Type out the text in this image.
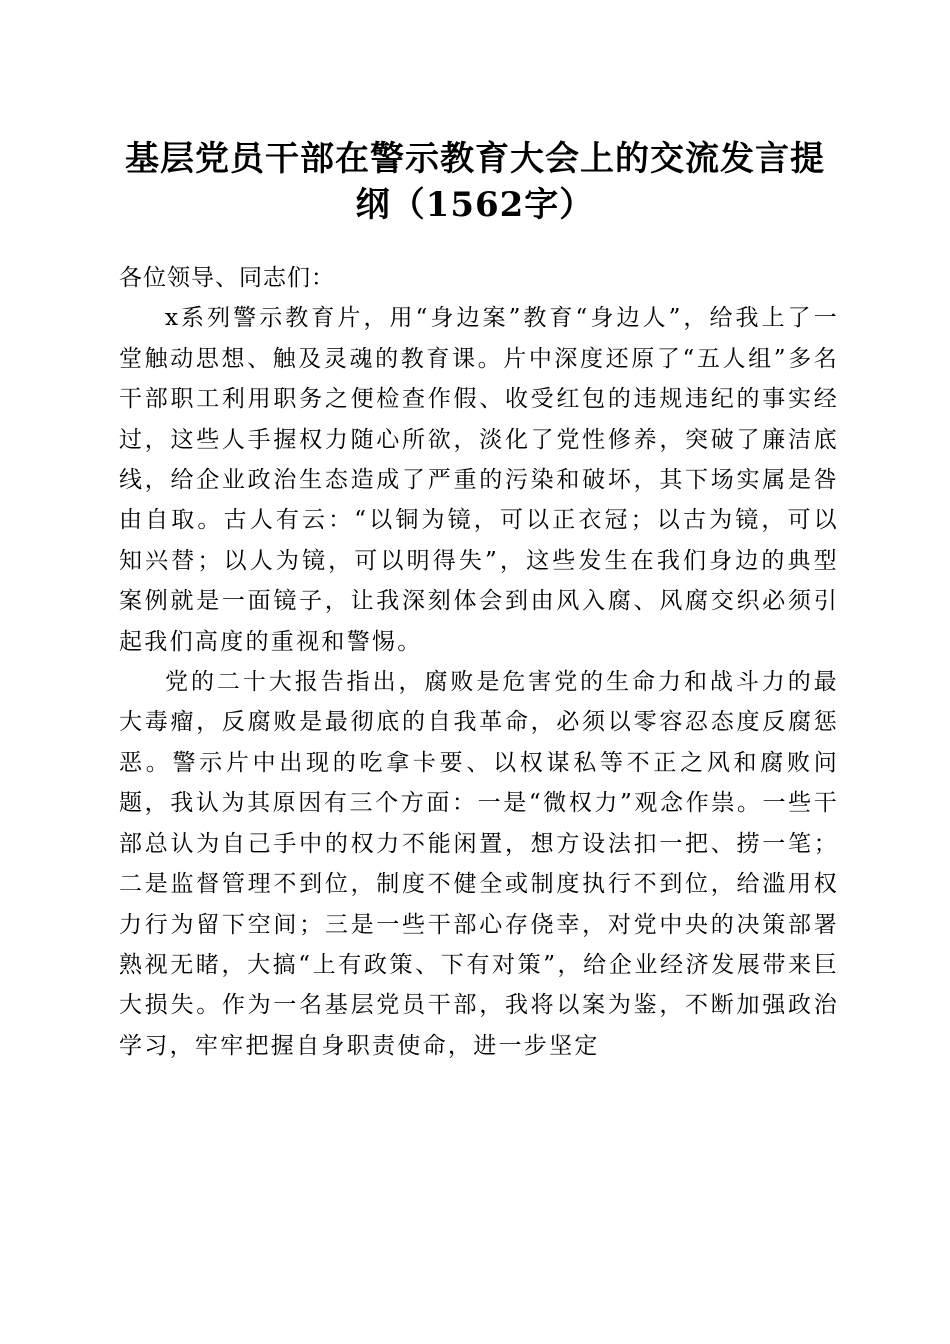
基层党员干部在警示教育大会上的交流发言提纲（1562字）

各位领导、同志们：

x系列警示教育片，用“身边案”教育“身边人”，给我上了一堂触动思想、触及灵魂的教育课。片中深度还原了“五人组”多名干部职工利用职务之便检查作假、收受红包的违规违纪的事实经过，这些人手握权力随心所欲，淡化了党性修养，突破了廉洁底线，给企业政治生态造成了严重的污染和破坏，其下场实属是咎由自取。古人有云：“以铜为镜，可以正衣冠；以古为镜，可以知兴替；以人为镜，可以明得失”，这些发生在我们身边的典型案例就是一面镜子，让我深刻体会到由风入腐、风腐交织必须引起我们高度的重视和警惕。

党的二十大报告指出，腐败是危害党的生命力和战斗力的最大毒瘤，反腐败是最彻底的自我革命，必须以零容忍态度反腐惩恶。警示片中出现的吃拿卡要、以权谋私等不正之风和腐败问题，我认为其原因有三个方面：一是“微权力”观念作祟。一些干部总认为自己手中的权力不能闲置，想方设法扣一把、捞一笔；二是监督管理不到位，制度不健全或制度执行不到位，给滥用权力行为留下空间；三是一些干部心存侥幸，对党中央的决策部署熟视无睹，大搞“上有政策、下有对策”，给企业经济发展带来巨大损失。作为一名基层党员干部，我将以案为鉴，不断加强政治学习，牢牢把握自身职责使命，进一步坚定
